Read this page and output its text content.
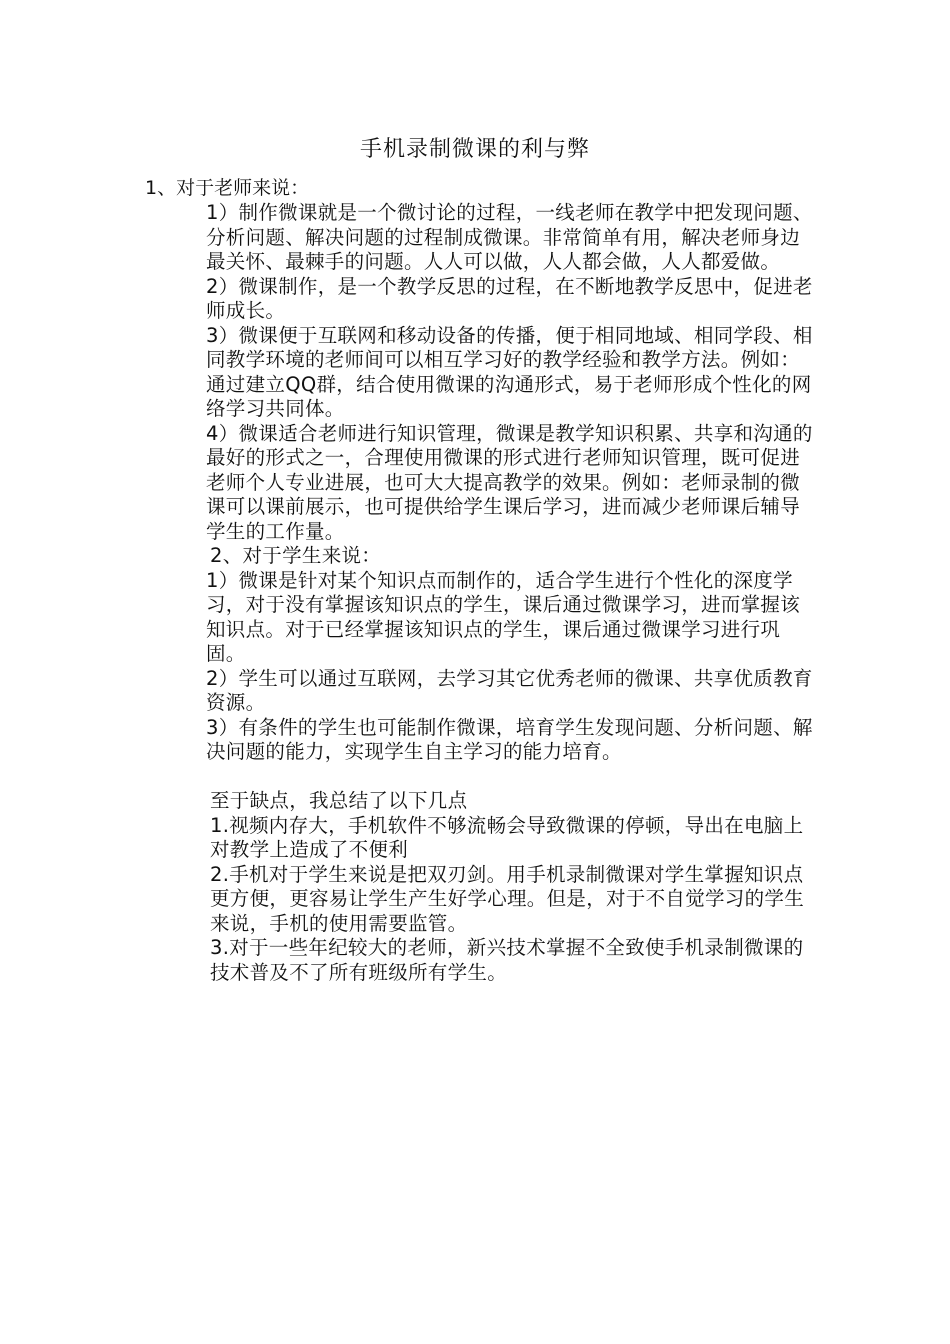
手机录制微课的利与弊

1、对于老师来说：

1）制作微课就是一个微讨论的过程，一线老师在教学中把发现问题、分析问题、解决问题的过程制成微课。非常简单有用，解决老师身边最关怀、最棘手的问题。人人可以做，人人都会做，人人都爱做。

2）微课制作，是一个教学反思的过程，在不断地教学反思中，促进老师成长。

3）微课便于互联网和移动设备的传播，便于相同地域、相同学段、相同教学环境的老师间可以相互学习好的教学经验和教学方法。例如：通过建立QQ群，结合使用微课的沟通形式，易于老师形成个性化的网络学习共同体。

4）微课适合老师进行知识管理，微课是教学知识积累、共享和沟通的最好的形式之一，合理使用微课的形式进行老师知识管理，既可促进老师个人专业进展，也可大大提高教学的效果。例如：老师录制的微课可以课前展示，也可提供给学生课后学习，进而减少老师课后辅导学生的工作量。

2、对于学生来说：

1）微课是针对某个知识点而制作的，适合学生进行个性化的深度学习，对于没有掌握该知识点的学生，课后通过微课学习，进而掌握该知识点。对于已经掌握该知识点的学生，课后通过微课学习进行巩固。

2）学生可以通过互联网，去学习其它优秀老师的微课、共享优质教育资源。

3）有条件的学生也可能制作微课，培育学生发现问题、分析问题、解决问题的能力，实现学生自主学习的能力培育。

至于缺点，我总结了以下几点

1.视频内存大，手机软件不够流畅会导致微课的停顿，导出在电脑上对教学上造成了不便利

2.手机对于学生来说是把双刃剑。用手机录制微课对学生掌握知识点更方便，更容易让学生产生好学心理。但是，对于不自觉学习的学生来说，手机的使用需要监管。

3.对于一些年纪较大的老师，新兴技术掌握不全致使手机录制微课的技术普及不了所有班级所有学生。
